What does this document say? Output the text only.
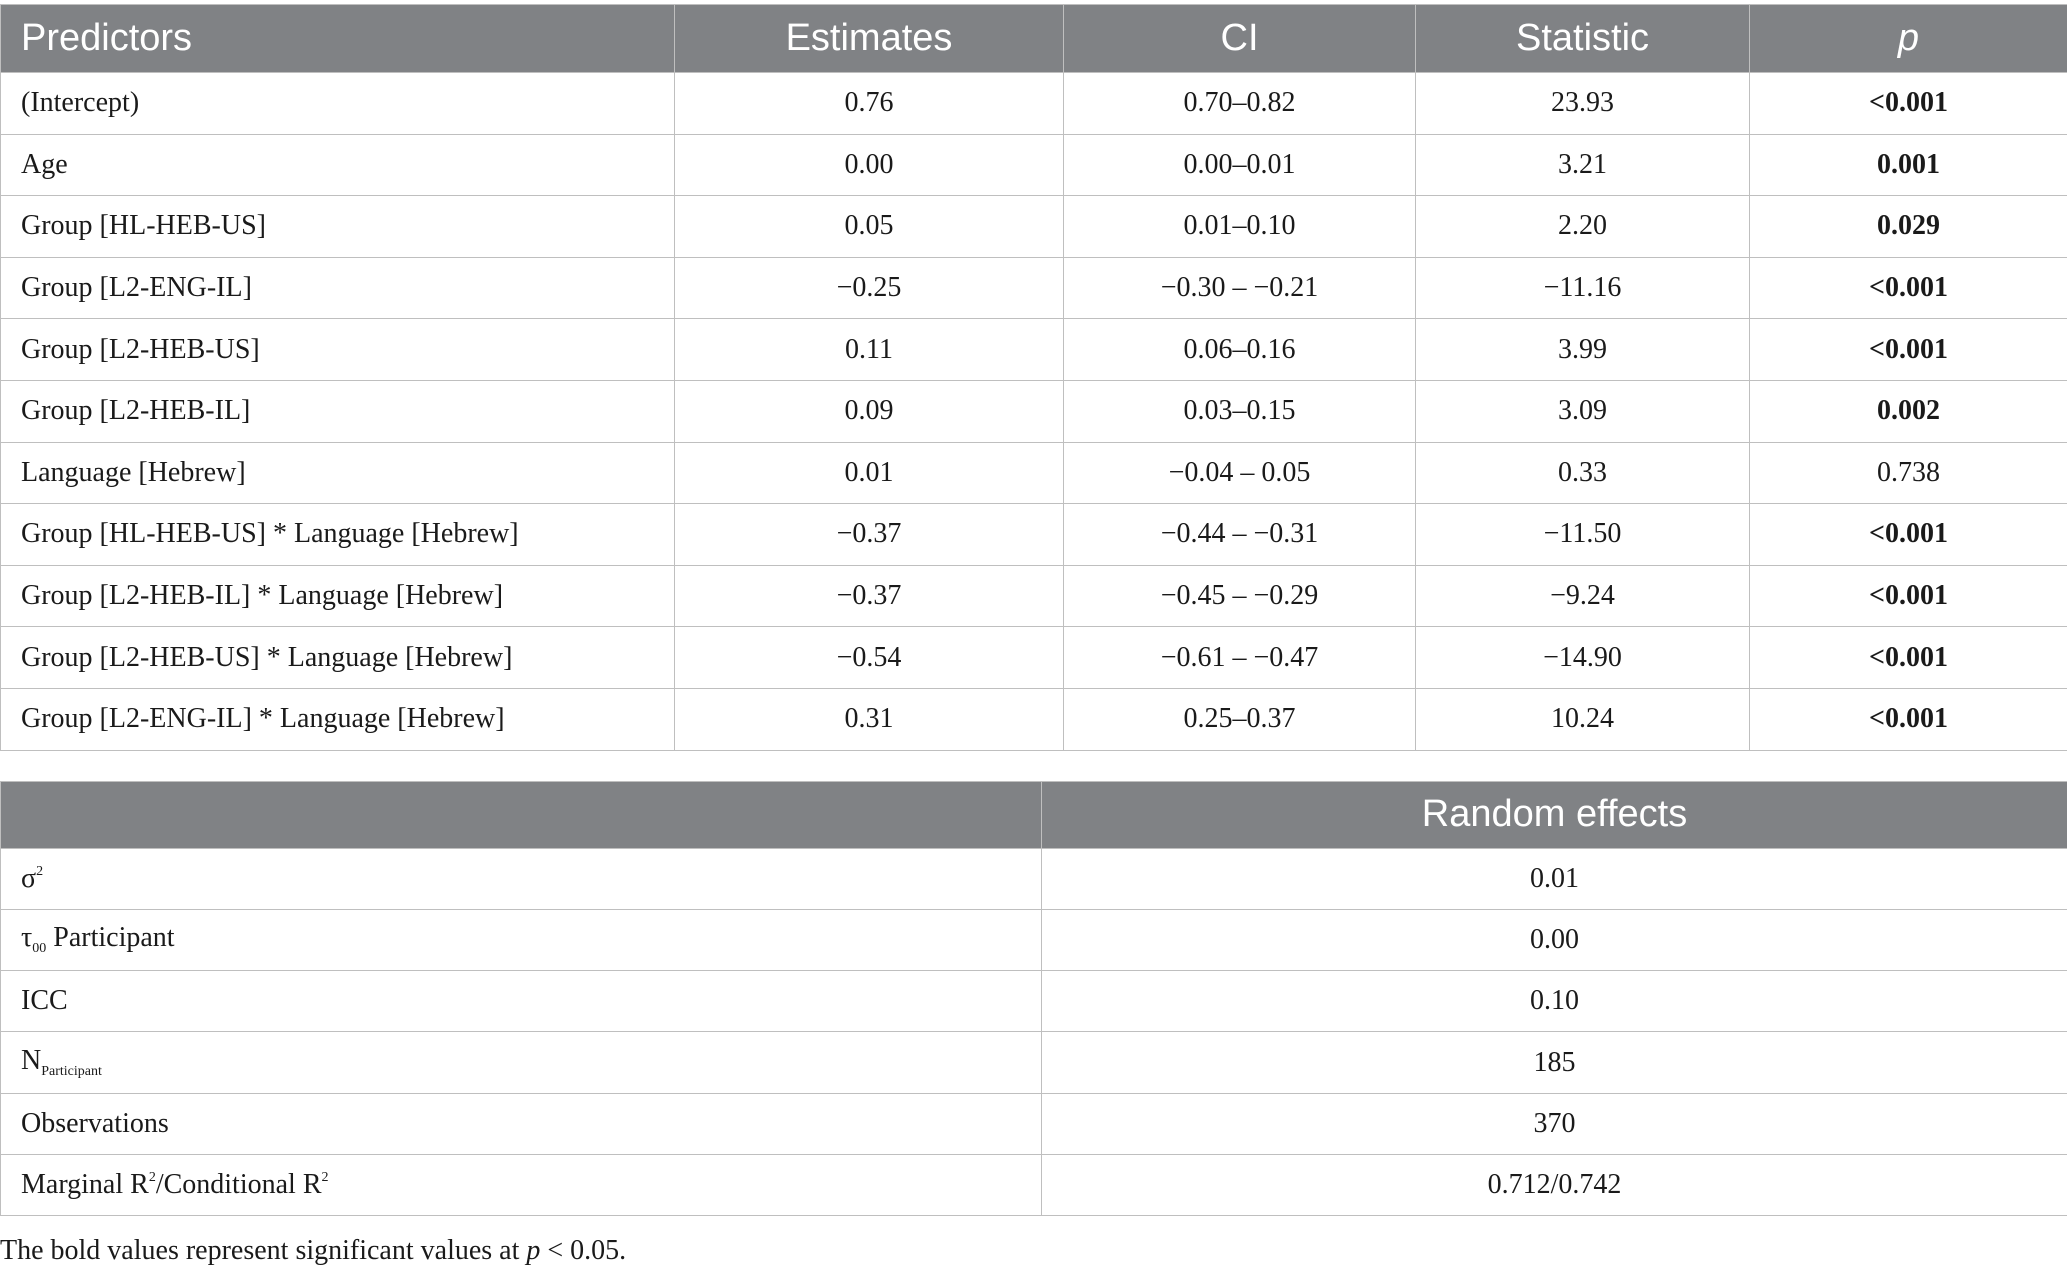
Predictors	Estimates	CI	Statistic	p
(Intercept)	0.76	0.70–0.82	23.93	<0.001
Age	0.00	0.00–0.01	3.21	0.001
Group [HL-HEB-US]	0.05	0.01–0.10	2.20	0.029
Group [L2-ENG-IL]	−0.25	−0.30 – −0.21	−11.16	<0.001
Group [L2-HEB-US]	0.11	0.06–0.16	3.99	<0.001
Group [L2-HEB-IL]	0.09	0.03–0.15	3.09	0.002
Language [Hebrew]	0.01	−0.04 – 0.05	0.33	0.738
Group [HL-HEB-US] * Language [Hebrew]	−0.37	−0.44 – −0.31	−11.50	<0.001
Group [L2-HEB-IL] * Language [Hebrew]	−0.37	−0.45 – −0.29	−9.24	<0.001
Group [L2-HEB-US] * Language [Hebrew]	−0.54	−0.61 – −0.47	−14.90	<0.001
Group [L2-ENG-IL] * Language [Hebrew]	0.31	0.25–0.37	10.24	<0.001
	Random effects
$\sigma^2$	0.01
$\tau_{00}$ Participant	0.00
ICC	0.10
$N_{Participant}$	185
Observations	370
Marginal $R^2$/Conditional $R^2$	0.712/0.742
The bold values represent significant values at p < 0.05.
